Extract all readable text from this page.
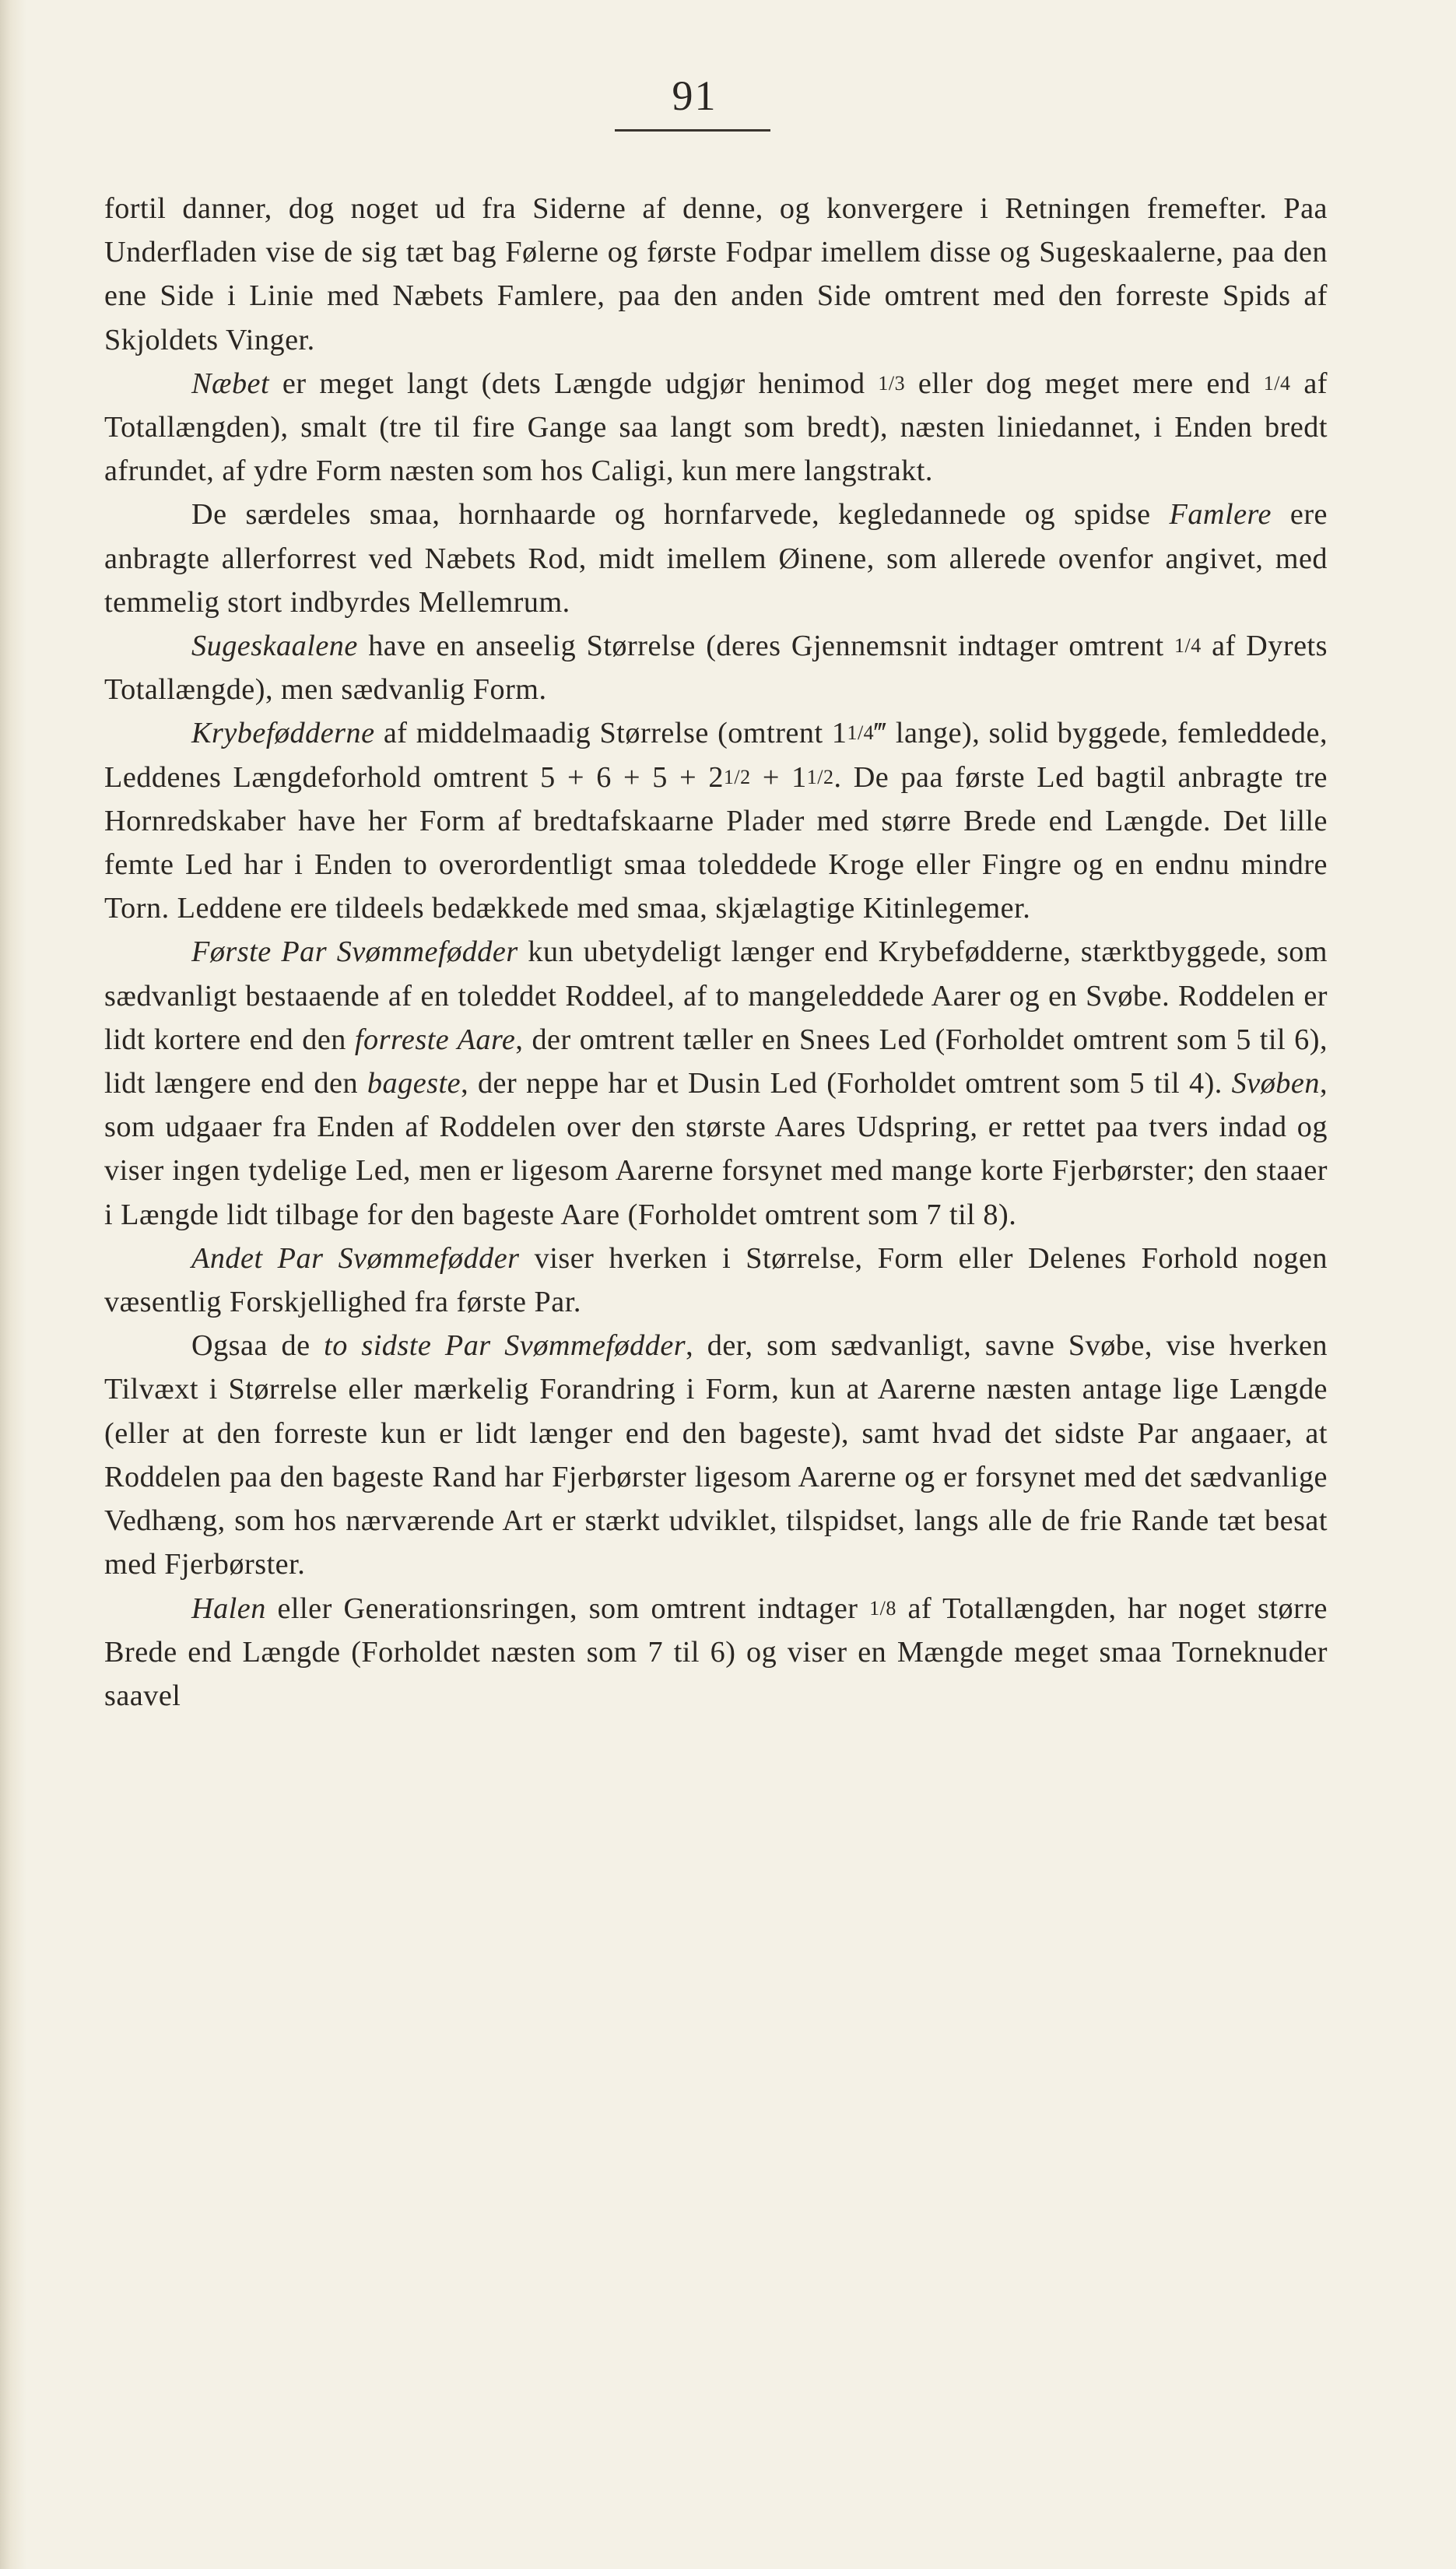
91

fortil danner, dog noget ud fra Siderne af denne, og konvergere i Retningen fremefter. Paa Underfladen vise de sig tæt bag Følerne og første Fodpar imellem disse og Sugeskaalerne, paa den ene Side i Linie med Næbets Famlere, paa den anden Side omtrent med den forreste Spids af Skjoldets Vinger.

Næbet er meget langt (dets Længde udgjør henimod 1/3 eller dog meget mere end 1/4 af Totallængden), smalt (tre til fire Gange saa langt som bredt), næsten liniedannet, i Enden bredt afrundet, af ydre Form næsten som hos Caligi, kun mere langstrakt.

De særdeles smaa, hornhaarde og hornfarvede, kegledannede og spidse Famlere ere anbragte allerforrest ved Næbets Rod, midt imellem Øinene, som allerede ovenfor angivet, med temmelig stort indbyrdes Mellemrum.

Sugeskaalene have en anseelig Størrelse (deres Gjennemsnit indtager omtrent 1/4 af Dyrets Totallængde), men sædvanlig Form.

Krybefødderne af middelmaadig Størrelse (omtrent 11/4‴ lange), solid byggede, femleddede, Leddenes Længdeforhold omtrent 5 + 6 + 5 + 21/2 + 11/2. De paa første Led bagtil anbragte tre Hornredskaber have her Form af bredtafskaarne Plader med større Brede end Længde. Det lille femte Led har i Enden to overordentligt smaa toleddede Kroge eller Fingre og en endnu mindre Torn. Leddene ere tildeels bedækkede med smaa, skjælagtige Kitinlegemer.

Første Par Svømmefødder kun ubetydeligt længer end Krybefødderne, stærktbyggede, som sædvanligt bestaaende af en toleddet Roddeel, af to mangeleddede Aarer og en Svøbe. Roddelen er lidt kortere end den forreste Aare, der omtrent tæller en Snees Led (Forholdet omtrent som 5 til 6), lidt længere end den bageste, der neppe har et Dusin Led (Forholdet omtrent som 5 til 4). Svøben, som udgaaer fra Enden af Roddelen over den største Aares Udspring, er rettet paa tvers indad og viser ingen tydelige Led, men er ligesom Aarerne forsynet med mange korte Fjerbørster; den staaer i Længde lidt tilbage for den bageste Aare (Forholdet omtrent som 7 til 8).

Andet Par Svømmefødder viser hverken i Størrelse, Form eller Delenes Forhold nogen væsentlig Forskjellighed fra første Par.

Ogsaa de to sidste Par Svømmefødder, der, som sædvanligt, savne Svøbe, vise hverken Tilvæxt i Størrelse eller mærkelig Forandring i Form, kun at Aarerne næsten antage lige Længde (eller at den forreste kun er lidt længer end den bageste), samt hvad det sidste Par angaaer, at Roddelen paa den bageste Rand har Fjerbørster ligesom Aarerne og er forsynet med det sædvanlige Vedhæng, som hos nærværende Art er stærkt udviklet, tilspidset, langs alle de frie Rande tæt besat med Fjerbørster.

Halen eller Generationsringen, som omtrent indtager 1/8 af Totallængden, har noget større Brede end Længde (Forholdet næsten som 7 til 6) og viser en Mængde meget smaa Torneknuder saavel
